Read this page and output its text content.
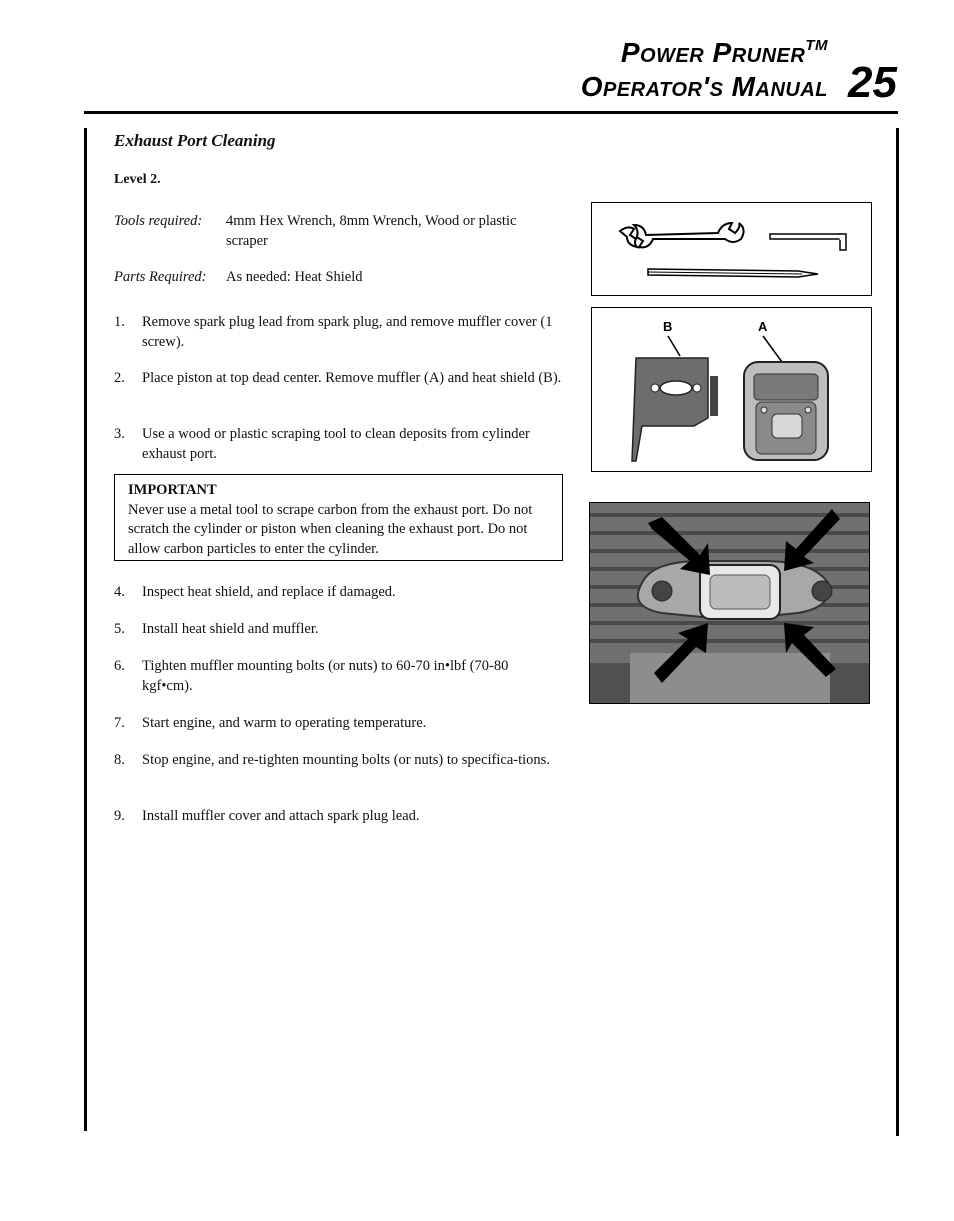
Power Pruner™
Operator's Manual 25
Exhaust Port Cleaning
Level 2.
Tools required:	4mm Hex Wrench, 8mm Wrench, Wood or plastic scraper
Parts Required:	As needed: Heat Shield
1.	Remove spark plug lead from spark plug, and remove muffler cover (1 screw).
2.	Place piston at top dead center. Remove muffler (A) and heat shield (B).
3.	Use a wood or plastic scraping tool to clean deposits from cylinder exhaust port.
IMPORTANT
Never use a metal tool to scrape carbon from the exhaust port. Do not scratch the cylinder or piston when cleaning the exhaust port. Do not allow carbon particles to enter the cylinder.
4.	Inspect heat shield, and replace if damaged.
5.	Install heat shield and muffler.
6.	Tighten muffler mounting bolts (or nuts) to 60-70 in•lbf (70-80 kgf•cm).
7.	Start engine, and warm to operating temperature.
8.	Stop engine, and re-tighten mounting bolts (or nuts) to specifica-tions.
9.	Install muffler cover and attach spark plug lead.
B	A
